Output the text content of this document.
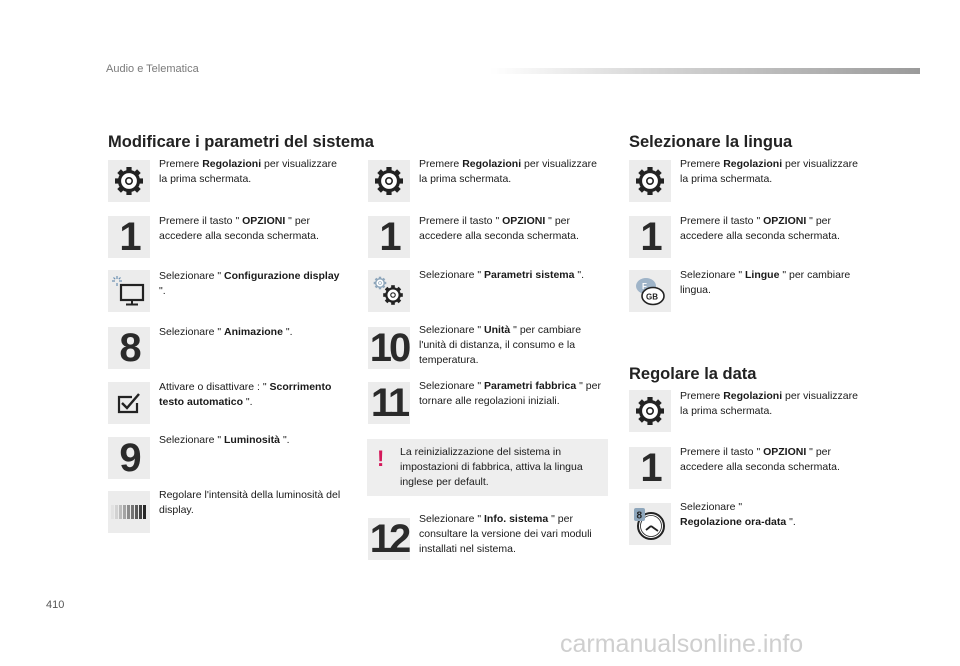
Audio e Telematica
Modificare i parametri del sistema	Selezionare la lingua
Regolare la data
Premere Regolazioni per visualizzare la prima schermata.
1 Premere il tasto " OPZIONI " per accedere alla seconda schermata.
Selezionare " Configurazione display ".
8 Selezionare " Animazione ".
Attivare o disattivare : " Scorrimento testo automatico ".
9 Selezionare " Luminosità ".
Regolare l'intensità della luminosità del display.
Premere Regolazioni per visualizzare la prima schermata.
1 Premere il tasto " OPZIONI " per accedere alla seconda schermata.
Selezionare " Parametri sistema ".
10 Selezionare " Unità " per cambiare l'unità di distanza, il consumo e la temperatura.
11 Selezionare " Parametri fabbrica " per tornare alle regolazioni iniziali.
! La reinizializzazione del sistema in impostazioni di fabbrica, attiva la lingua inglese per default.
12 Selezionare " Info. sistema " per consultare la versione dei vari moduli installati nel sistema.
Premere Regolazioni per visualizzare la prima schermata.
1 Premere il tasto " OPZIONI " per accedere alla seconda schermata.
F
GB
Selezionare " Lingue " per cambiare lingua.
Premere Regolazioni per visualizzare la prima schermata.
1 Premere il tasto " OPZIONI " per accedere alla seconda schermata.
8
Selezionare "
Regolazione ora-data ".
410
carmanualsonline.info
